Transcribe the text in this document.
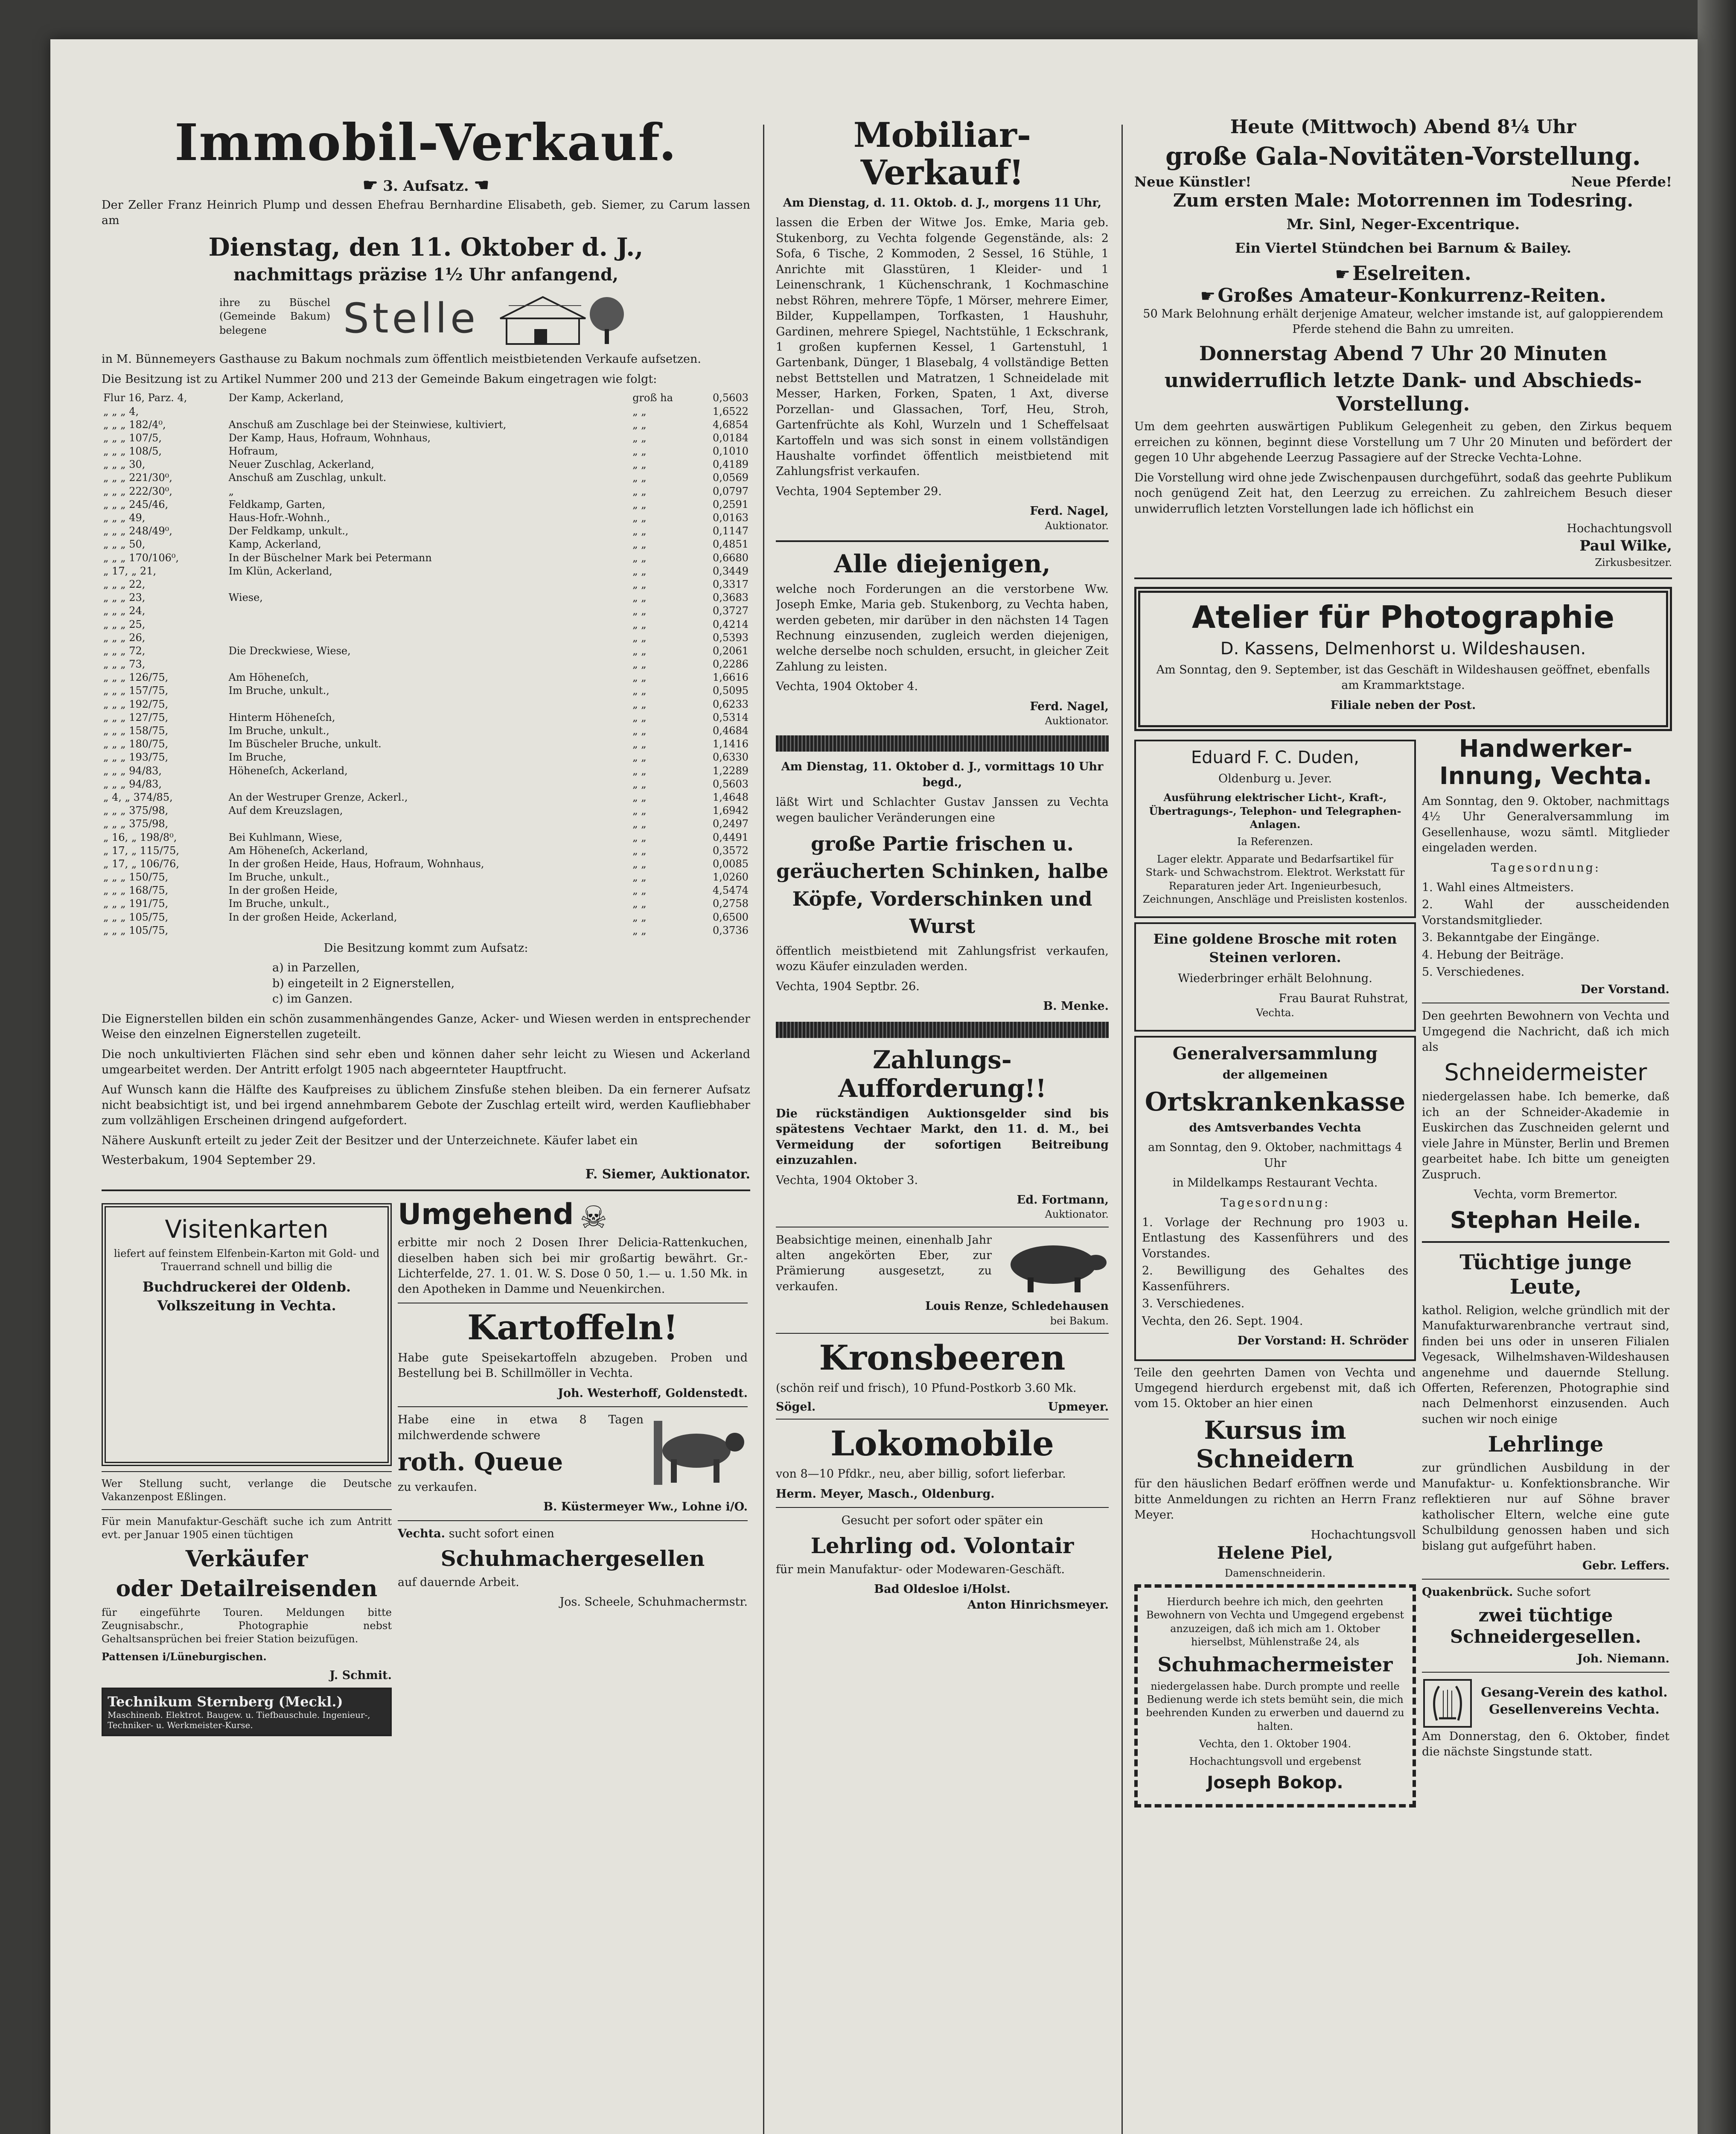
Immobil-Verkauf.
☛ 3. Aufsatz. ☚

Der Zeller Franz Heinrich Plump und dessen Ehefrau Bernhardine Elisabeth, geb. Siemer, zu Carum lassen am

Dienstag, den 11. Oktober d. J.,
nachmittags präzise 1½ Uhr anfangend,

ihre zu Büschel (Gemeinde Bakum) belegene	Stelle

in M. Bünnemeyers Gasthause zu Bakum nochmals zum öffentlich meistbietenden Verkaufe aufsetzen.

Die Besitzung ist zu Artikel Nummer 200 und 213 der Gemeinde Bakum eingetragen wie folgt:

Flur 16, Parz. 4,	Der Kamp, Ackerland,	groß ha	0,5603
„ „ „ 4,		„ „	1,6522
„ „ „ 182/4⁰,	Anschuß am Zuschlage bei der Steinwiese, kultiviert,	„ „	4,6854
„ „ „ 107/5,	Der Kamp, Haus, Hofraum, Wohnhaus,	„ „	0,0184
„ „ „ 108/5,	Hofraum,	„ „	0,1010
„ „ „ 30,	Neuer Zuschlag, Ackerland,	„ „	0,4189
„ „ „ 221/30⁰,	Anschuß am Zuschlag, unkult.	„ „	0,0569
„ „ „ 222/30⁰,	„	„ „	0,0797
„ „ „ 245/46,	Feldkamp, Garten,	„ „	0,2591
„ „ „ 49,	Haus-Hofr.-Wohnh.,	„ „	0,0163
„ „ „ 248/49⁰,	Der Feldkamp, unkult.,	„ „	0,1147
„ „ „ 50,	Kamp, Ackerland,	„ „	0,4851
„ „ „ 170/106⁰,	In der Büschelner Mark bei Petermann	„ „	0,6680
„ 17, „ 21,	Im Klün, Ackerland,	„ „	0,3449
„ „ „ 22,		„ „	0,3317
„ „ „ 23,	Wiese,	„ „	0,3683
„ „ „ 24,		„ „	0,3727
„ „ „ 25,		„ „	0,4214
„ „ „ 26,		„ „	0,5393
„ „ „ 72,	Die Dreckwiese, Wiese,	„ „	0,2061
„ „ „ 73,		„ „	0,2286
„ „ „ 126/75,	Am Höheneſch,	„ „	1,6616
„ „ „ 157/75,	Im Bruche, unkult.,	„ „	0,5095
„ „ „ 192/75,		„ „	0,6233
„ „ „ 127/75,	Hinterm Höheneſch,	„ „	0,5314
„ „ „ 158/75,	Im Bruche, unkult.,	„ „	0,4684
„ „ „ 180/75,	Im Büscheler Bruche, unkult.	„ „	1,1416
„ „ „ 193/75,	Im Bruche,	„ „	0,6330
„ „ „ 94/83,	Höheneſch, Ackerland,	„ „	1,2289
„ „ „ 94/83,		„ „	0,5603
„ 4, „ 374/85,	An der Westruper Grenze, Ackerl.,	„ „	1,4648
„ „ „ 375/98,	Auf dem Kreuzslagen,	„ „	1,6942
„ „ „ 375/98,		„ „	0,2497
„ 16, „ 198/8⁰,	Bei Kuhlmann, Wiese,	„ „	0,4491
„ 17, „ 115/75,	Am Höheneſch, Ackerland,	„ „	0,3572
„ 17, „ 106/76,	In der großen Heide, Haus, Hofraum, Wohnhaus,	„ „	0,0085
„ „ „ 150/75,	Im Bruche, unkult.,	„ „	1,0260
„ „ „ 168/75,	In der großen Heide,	„ „	4,5474
„ „ „ 191/75,	Im Bruche, unkult.,	„ „	0,2758
„ „ „ 105/75,	In der großen Heide, Ackerland,	„ „	0,6500
„ „ „ 105/75,		„ „	0,3736

Die Besitzung kommt zum Aufsatz:

a) in Parzellen,

b) eingeteilt in 2 Eignerstellen,

c) im Ganzen.

Die Eignerstellen bilden ein schön zusammenhängendes Ganze, Acker- und Wiesen werden in entsprechender Weise den einzelnen Eignerstellen zugeteilt.

Die noch unkultivierten Flächen sind sehr eben und können daher sehr leicht zu Wiesen und Ackerland umgearbeitet werden. Der Antritt erfolgt 1905 nach abgeernteter Hauptfrucht.

Auf Wunsch kann die Hälfte des Kaufpreises zu üblichem Zinsfuße stehen bleiben. Da ein fernerer Aufsatz nicht beabsichtigt ist, und bei irgend annehmbarem Gebote der Zuschlag erteilt wird, werden Kaufliebhaber zum vollzähligen Erscheinen dringend aufgefordert.

Nähere Auskunft erteilt zu jeder Zeit der Besitzer und der Unterzeichnete. Käufer labet ein

Westerbakum, 1904 September 29.
F. Siemer, Auktionator.
Visitenkarten

liefert auf feinstem Elfenbein-Karton mit Gold- und Trauerrand schnell und billig die

Buchdruckerei der Oldenb. Volkszeitung in Vechta.

Wer Stellung sucht, verlange die Deutsche Vakanzenpost Eßlingen.

Für mein Manufaktur-Geschäft suche ich zum Antritt evt. per Januar 1905 einen tüchtigen

Verkäufer
oder Detailreisenden

für eingeführte Touren. Meldungen bitte Zeugnisabschr., Photographie nebst Gehaltsansprüchen bei freier Station beizufügen.

Pattensen i/Lüneburgischen.

J. Schmit.

Technikum Sternberg (Meckl.)
Maschinenb. Elektrot. Baugew. u. Tiefbauschule. Ingenieur-, Techniker- u. Werkmeister-Kurse.
Umgehend ☠

erbitte mir noch 2 Dosen Ihrer Delicia-Rattenkuchen, dieselben haben sich bei mir großartig bewährt. Gr.-Lichterfelde, 27. 1. 01. W. S. Dose 0 50, 1.— u. 1.50 Mk. in den Apotheken in Damme und Neuenkirchen.

Kartoffeln!

Habe gute Speisekartoffeln abzugeben. Proben und Bestellung bei B. Schillmöller in Vechta.

Joh. Westerhoff, Goldenstedt.

Habe eine in etwa 8 Tagen milchwerdende schwere

roth. Queue

zu verkaufen.

B. Küstermeyer Ww., Lohne i/O.

Vechta. sucht sofort einen

Schuhmachergesellen

auf dauernde Arbeit.

Jos. Scheele, Schuhmachermstr.

Mobiliar-Verkauf!

Am Dienstag, d. 11. Oktob. d. J., morgens 11 Uhr,

lassen die Erben der Witwe Jos. Emke, Maria geb. Stukenborg, zu Vechta folgende Gegenstände, als: 2 Sofa, 6 Tische, 2 Kommoden, 2 Sessel, 16 Stühle, 1 Anrichte mit Glasstüren, 1 Kleider- und 1 Leinenschrank, 1 Küchenschrank, 1 Kochmaschine nebst Röhren, mehrere Töpfe, 1 Mörser, mehrere Eimer, Bilder, Kuppellampen, Torfkasten, 1 Haushuhr, Gardinen, mehrere Spiegel, Nachtstühle, 1 Eckschrank, 1 großen kupfernen Kessel, 1 Gartenstuhl, 1 Gartenbank, Dünger, 1 Blasebalg, 4 vollständige Betten nebst Bettstellen und Matratzen, 1 Schneidelade mit Messer, Harken, Forken, Spaten, 1 Axt, diverse Porzellan- und Glassachen, Torf, Heu, Stroh, Gartenfrüchte als Kohl, Wurzeln und 1 Scheffelsaat Kartoffeln und was sich sonst in einem vollständigen Haushalte vorfindet öffentlich meistbietend mit Zahlungsfrist verkaufen.

Vechta, 1904 September 29.

Ferd. Nagel,

Auktionator.

Alle diejenigen,

welche noch Forderungen an die verstorbene Ww. Joseph Emke, Maria geb. Stukenborg, zu Vechta haben, werden gebeten, mir darüber in den nächsten 14 Tagen Rechnung einzusenden, zugleich werden diejenigen, welche derselbe noch schulden, ersucht, in gleicher Zeit Zahlung zu leisten.

Vechta, 1904 Oktober 4.

Ferd. Nagel,

Auktionator.

Am Dienstag, 11. Oktober d. J., vormittags 10 Uhr begd.,

läßt Wirt und Schlachter Gustav Janssen zu Vechta wegen baulicher Veränderungen eine

große Partie frischen u. geräucherten Schinken, halbe Köpfe, Vorderschinken und Wurst

öffentlich meistbietend mit Zahlungsfrist verkaufen, wozu Käufer einzuladen werden.

Vechta, 1904 Septbr. 26.

B. Menke.

Zahlungs-Aufforderung!!

Die rückständigen Auktionsgelder sind bis spätestens Vechtaer Markt, den 11. d. M., bei Vermeidung der sofortigen Beitreibung einzuzahlen.

Vechta, 1904 Oktober 3.

Ed. Fortmann,

Auktionator.

Beabsichtige meinen, einenhalb Jahr alten angekörten Eber, zur Prämierung ausgesetzt, zu verkaufen.

Louis Renze, Schledehausen

bei Bakum.

Kronsbeeren

(schön reif und frisch), 10 Pfund-Postkorb 3.60 Mk.

Sögel.	Upmeyer.
Lokomobile

von 8—10 Pfdkr., neu, aber billig, sofort lieferbar.

Herm. Meyer, Masch., Oldenburg.

Gesucht per sofort oder später ein

Lehrling od. Volontair

für mein Manufaktur- oder Modewaren-Geschäft.

Bad Oldesloe i/Holst.

Anton Hinrichsmeyer.

Heute (Mittwoch) Abend 8¼ Uhr
große Gala-Novitäten-Vorstellung.
Neue Künstler!	Neue Pferde!
Zum ersten Male: Motorrennen im Todesring.

Mr. Sinl, Neger-Excentrique.

Ein Viertel Stündchen bei Barnum & Bailey.

☛ Eselreiten.
☛ Großes Amateur-Konkurrenz-Reiten.

50 Mark Belohnung erhält derjenige Amateur, welcher imstande ist, auf galoppierendem Pferde stehend die Bahn zu umreiten.

Donnerstag Abend 7 Uhr 20 Minuten
unwiderruflich letzte Dank- und Abschieds-Vorstellung.

Um dem geehrten auswärtigen Publikum Gelegenheit zu geben, den Zirkus bequem erreichen zu können, beginnt diese Vorstellung um 7 Uhr 20 Minuten und befördert der gegen 10 Uhr abgehende Leerzug Passagiere auf der Strecke Vechta-Lohne.

Die Vorstellung wird ohne jede Zwischenpausen durchgeführt, sodaß das geehrte Publikum noch genügend Zeit hat, den Leerzug zu erreichen. Zu zahlreichem Besuch dieser unwiderruflich letzten Vorstellungen lade ich höflichst ein

Hochachtungsvoll

Paul Wilke,

Zirkusbesitzer.

Atelier für Photographie
D. Kassens, Delmenhorst u. Wildeshausen.

Am Sonntag, den 9. September, ist das Geschäft in Wildeshausen geöffnet, ebenfalls am Krammarktstage.

Filiale neben der Post.

Eduard F. C. Duden,

Oldenburg u. Jever.

Ausführung elektrischer Licht-, Kraft-, Übertragungs-, Telephon- und Telegraphen-Anlagen.

Ia Referenzen.

Lager elektr. Apparate und Bedarfsartikel für Stark- und Schwachstrom. Elektrot. Werkstatt für Reparaturen jeder Art. Ingenieurbesuch, Zeichnungen, Anschläge und Preislisten kostenlos.

Eine goldene Brosche mit roten Steinen verloren.

Wiederbringer erhält Belohnung.

Frau Baurat Ruhstrat,

Vechta.

Generalversammlung

der allgemeinen

Ortskrankenkasse

des Amtsverbandes Vechta

am Sonntag, den 9. Oktober, nachmittags 4 Uhr

in Mildelkamps Restaurant Vechta.

Tagesordnung:

1. Vorlage der Rechnung pro 1903 u. Entlastung des Kassenführers und des Vorstandes.

2. Bewilligung des Gehaltes des Kassenführers.

3. Verschiedenes.

Vechta, den 26. Sept. 1904.

Der Vorstand: H. Schröder

Teile den geehrten Damen von Vechta und Umgegend hierdurch ergebenst mit, daß ich vom 15. Oktober an hier einen

Kursus im Schneidern

für den häuslichen Bedarf eröffnen werde und bitte Anmeldungen zu richten an Herrn Franz Meyer.

Hochachtungsvoll

Helene Piel,

Damenschneiderin.

Hierdurch beehre ich mich, den geehrten Bewohnern von Vechta und Umgegend ergebenst anzuzeigen, daß ich mich am 1. Oktober hierselbst, Mühlenstraße 24, als

Schuhmachermeister

niedergelassen habe. Durch prompte und reelle Bedienung werde ich stets bemüht sein, die mich beehrenden Kunden zu erwerben und dauernd zu halten.

Vechta, den 1. Oktober 1904.

Hochachtungsvoll und ergebenst

Joseph Bokop.
Handwerker-Innung, Vechta.

Am Sonntag, den 9. Oktober, nachmittags 4½ Uhr Generalversammlung im Gesellenhause, wozu sämtl. Mitglieder eingeladen werden.

Tagesordnung:

1. Wahl eines Altmeisters.

2. Wahl der ausscheidenden Vorstandsmitglieder.

3. Bekanntgabe der Eingänge.

4. Hebung der Beiträge.

5. Verschiedenes.

Der Vorstand.

Den geehrten Bewohnern von Vechta und Umgegend die Nachricht, daß ich mich als

Schneidermeister

niedergelassen habe. Ich bemerke, daß ich an der Schneider-Akademie in Euskirchen das Zuschneiden gelernt und viele Jahre in Münster, Berlin und Bremen gearbeitet habe. Ich bitte um geneigten Zuspruch.

Vechta, vorm Bremertor.

Stephan Heile.
Tüchtige junge Leute,

kathol. Religion, welche gründlich mit der Manufakturwarenbranche vertraut sind, finden bei uns oder in unseren Filialen Vegesack, Wilhelmshaven-Wildeshausen angenehme und dauernde Stellung. Offerten, Referenzen, Photographie sind nach Delmenhorst einzusenden. Auch suchen wir noch einige

Lehrlinge

zur gründlichen Ausbildung in der Manufaktur- u. Konfektionsbranche. Wir reflektieren nur auf Söhne braver katholischer Eltern, welche eine gute Schulbildung genossen haben und sich bislang gut aufgeführt haben.

Gebr. Leffers.

Quakenbrück. Suche sofort

zwei tüchtige Schneidergesellen.

Joh. Niemann.

Gesang-Verein des kathol. Gesellenvereins Vechta.

Am Donnerstag, den 6. Oktober, findet die nächste Singstunde statt.
